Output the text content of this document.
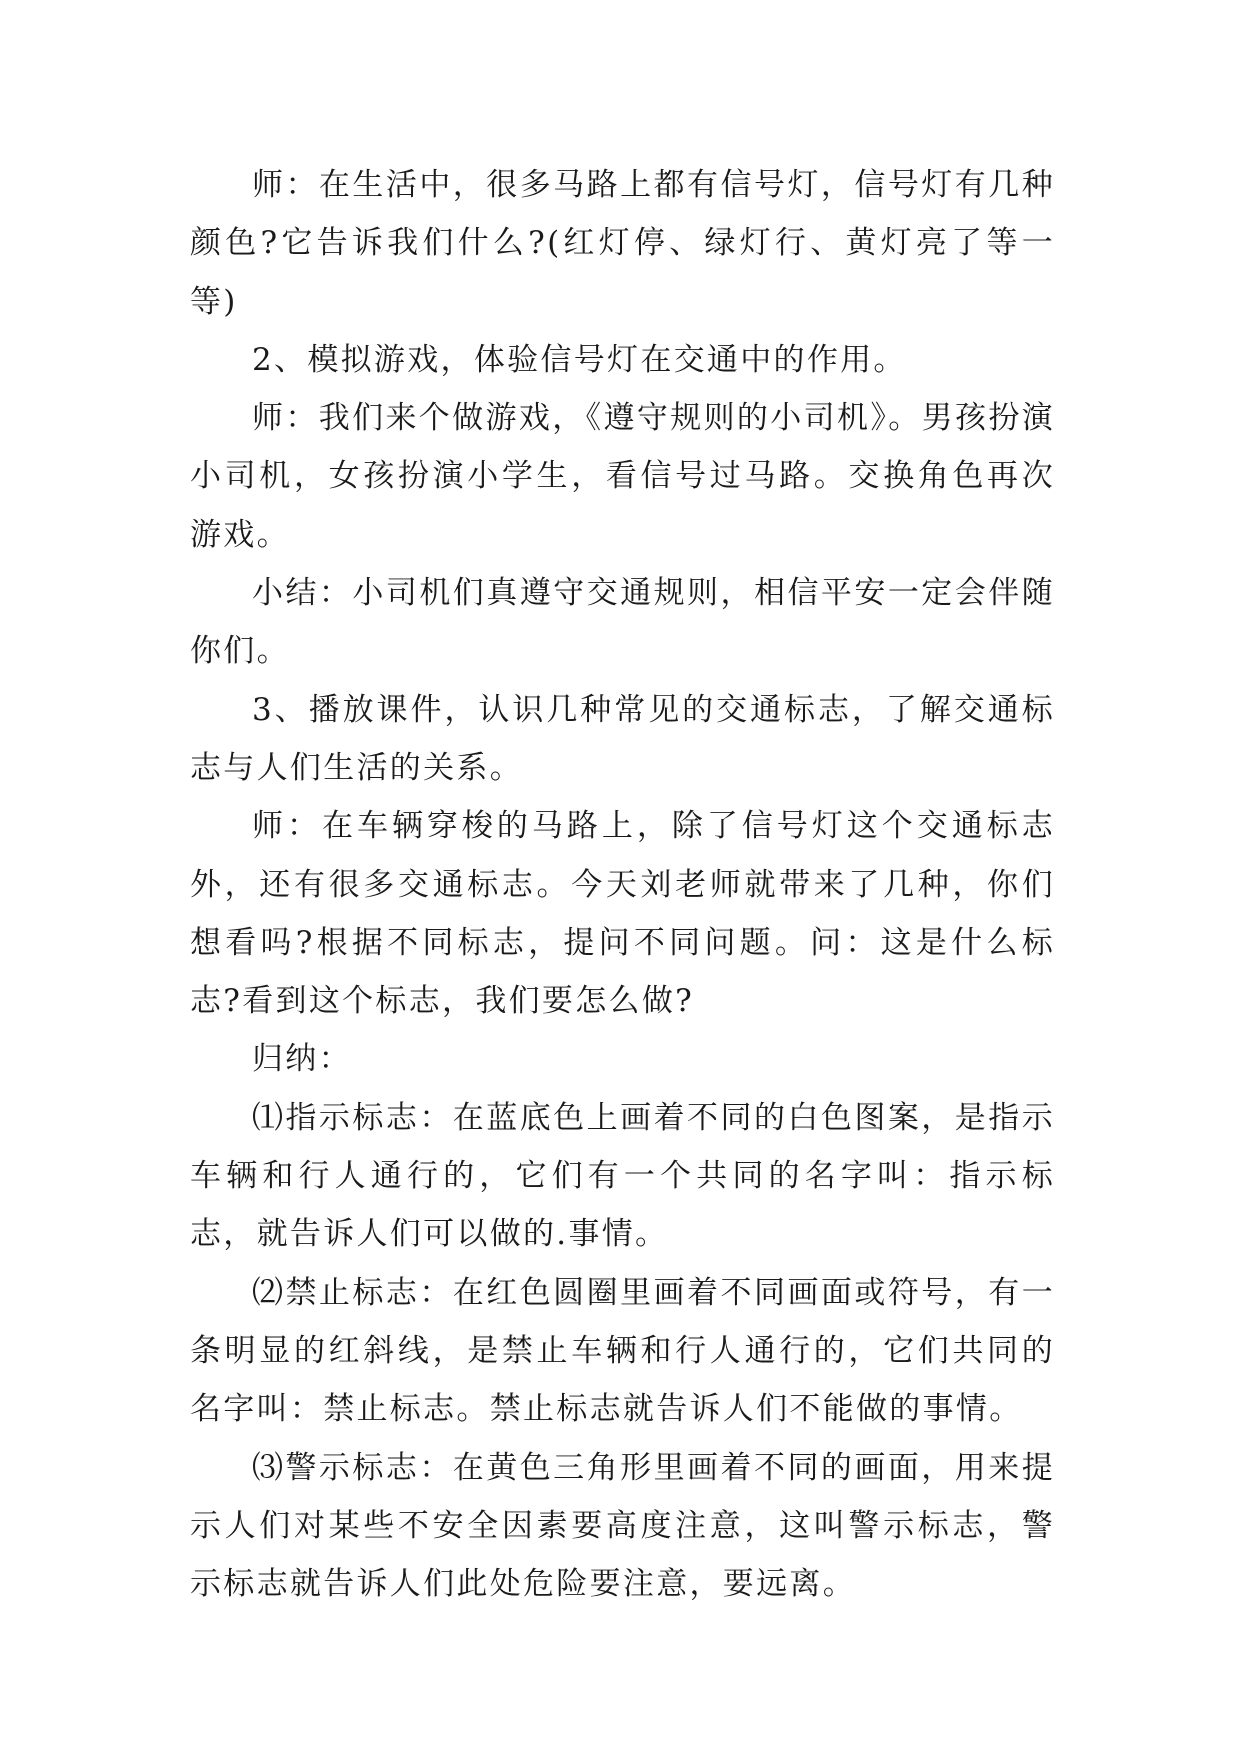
师：在生活中，很多马路上都有信号灯，信号灯有几种颜色?它告诉我们什么?(红灯停、绿灯行、黄灯亮了等一等)

2、模拟游戏，体验信号灯在交通中的作用。

师：我们来个做游戏，《遵守规则的小司机》。男孩扮演小司机，女孩扮演小学生，看信号过马路。交换角色再次游戏。

小结：小司机们真遵守交通规则，相信平安一定会伴随你们。

3、播放课件，认识几种常见的交通标志，了解交通标志与人们生活的关系。

师：在车辆穿梭的马路上，除了信号灯这个交通标志外，还有很多交通标志。今天刘老师就带来了几种，你们想看吗?根据不同标志，提问不同问题。问：这是什么标志?看到这个标志，我们要怎么做?

归纳：

⑴指示标志：在蓝底色上画着不同的白色图案，是指示车辆和行人通行的，它们有一个共同的名字叫：指示标志，就告诉人们可以做的.事情。

⑵禁止标志：在红色圆圈里画着不同画面或符号，有一条明显的红斜线，是禁止车辆和行人通行的，它们共同的名字叫：禁止标志。禁止标志就告诉人们不能做的事情。

⑶警示标志：在黄色三角形里画着不同的画面，用来提示人们对某些不安全因素要高度注意，这叫警示标志，警示标志就告诉人们此处危险要注意，要远离。
